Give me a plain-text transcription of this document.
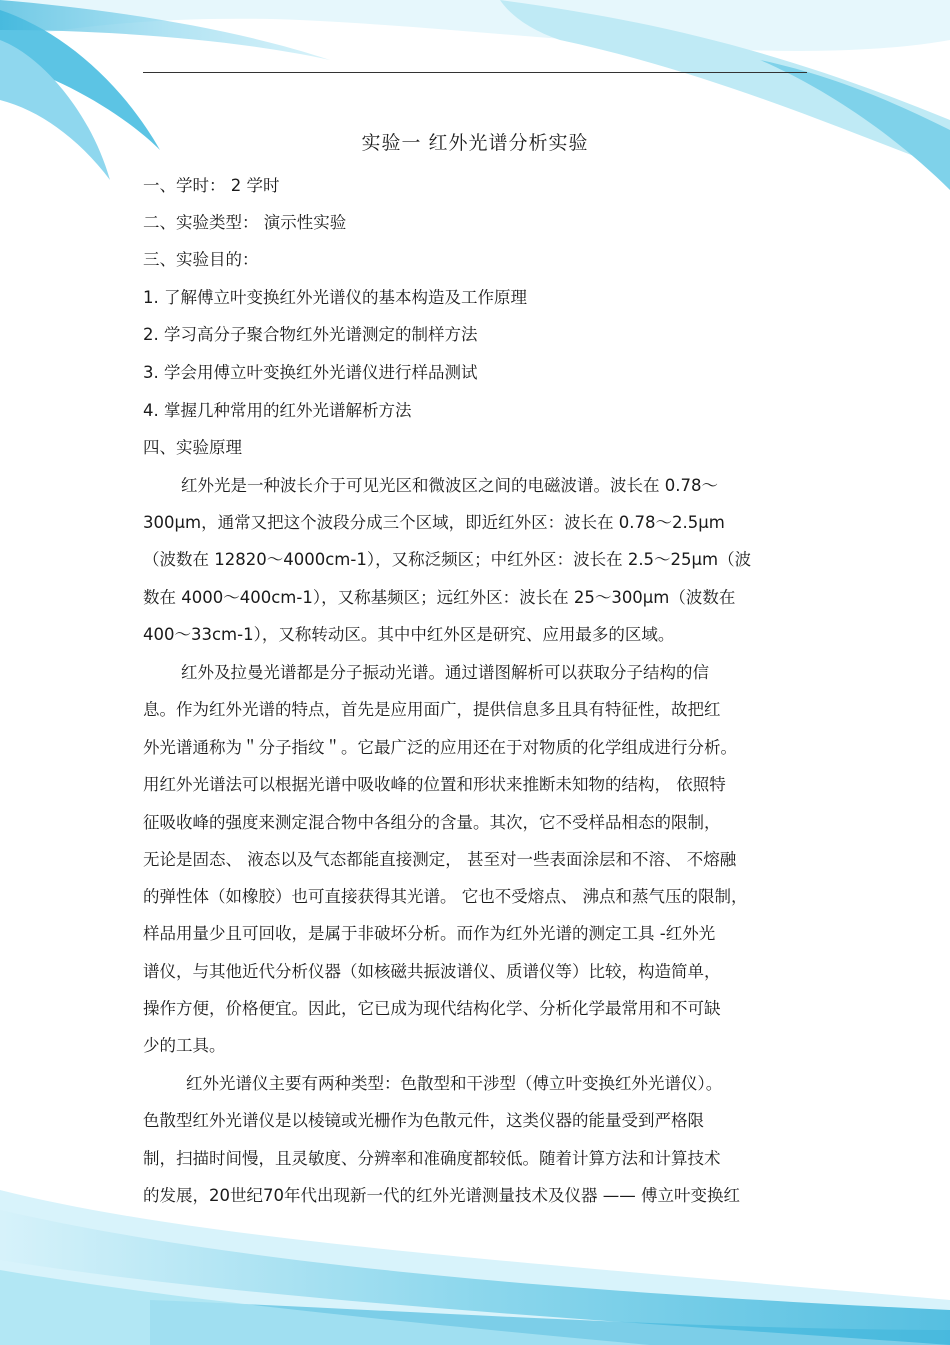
实验一 红外光谱分析实验
一、学时： 2 学时
二、实验类型： 演示性实验
三、实验目的：
1. 了解傅立叶变换红外光谱仪的基本构造及工作原理
2. 学习高分子聚合物红外光谱测定的制样方法
3. 学会用傅立叶变换红外光谱仪进行样品测试
4. 掌握几种常用的红外光谱解析方法
四、实验原理
红外光是一种波长介于可见光区和微波区之间的电磁波谱。波长在 0.78～
300μm，通常又把这个波段分成三个区域，即近红外区：波长在 0.78～2.5μm
（波数在 12820～4000cm-1），又称泛频区；中红外区：波长在 2.5～25μm（波
数在 4000～400cm-1），又称基频区；远红外区：波长在 25～300μm（波数在
400～33cm-1），又称转动区。其中中红外区是研究、应用最多的区域。
红外及拉曼光谱都是分子振动光谱。通过谱图解析可以获取分子结构的信
息。作为红外光谱的特点，首先是应用面广，提供信息多且具有特征性，故把红
外光谱通称为＂分子指纹＂。它最广泛的应用还在于对物质的化学组成进行分析。
用红外光谱法可以根据光谱中吸收峰的位置和形状来推断未知物的结构， 依照特
征吸收峰的强度来测定混合物中各组分的含量。其次，它不受样品相态的限制，
无论是固态、 液态以及气态都能直接测定， 甚至对一些表面涂层和不溶、 不熔融
的弹性体（如橡胶）也可直接获得其光谱。 它也不受熔点、 沸点和蒸气压的限制，
样品用量少且可回收，是属于非破坏分析。而作为红外光谱的测定工具 -红外光
谱仪，与其他近代分析仪器（如核磁共振波谱仪、质谱仪等）比较，构造简单，
操作方便，价格便宜。因此，它已成为现代结构化学、分析化学最常用和不可缺
少的工具。
红外光谱仪主要有两种类型：色散型和干涉型（傅立叶变换红外光谱仪）。
色散型红外光谱仪是以棱镜或光栅作为色散元件，这类仪器的能量受到严格限
制，扫描时间慢，且灵敏度、分辨率和准确度都较低。随着计算方法和计算技术
的发展，20世纪70年代出现新一代的红外光谱测量技术及仪器 —— 傅立叶变换红
